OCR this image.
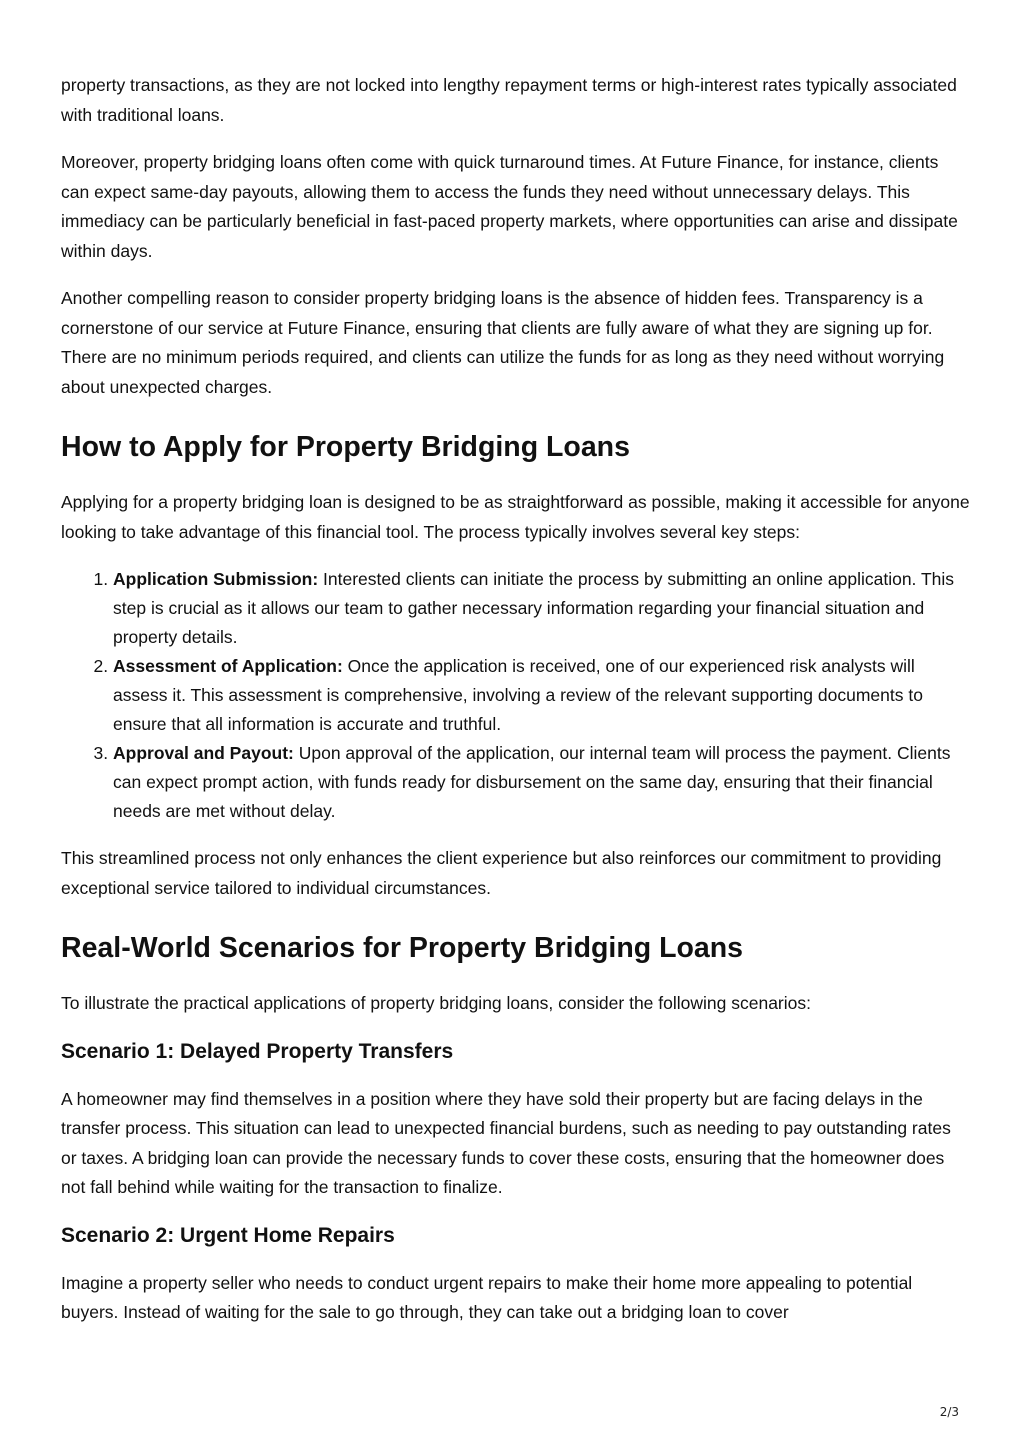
property transactions, as they are not locked into lengthy repayment terms or high-interest rates typically associated with traditional loans.

Moreover, property bridging loans often come with quick turnaround times. At Future Finance, for instance, clients can expect same-day payouts, allowing them to access the funds they need without unnecessary delays. This immediacy can be particularly beneficial in fast-paced property markets, where opportunities can arise and dissipate within days.

Another compelling reason to consider property bridging loans is the absence of hidden fees. Transparency is a cornerstone of our service at Future Finance, ensuring that clients are fully aware of what they are signing up for. There are no minimum periods required, and clients can utilize the funds for as long as they need without worrying about unexpected charges.

How to Apply for Property Bridging Loans

Applying for a property bridging loan is designed to be as straightforward as possible, making it accessible for anyone looking to take advantage of this financial tool. The process typically involves several key steps:

1. Application Submission: Interested clients can initiate the process by submitting an online application. This step is crucial as it allows our team to gather necessary information regarding your financial situation and property details.
2. Assessment of Application: Once the application is received, one of our experienced risk analysts will assess it. This assessment is comprehensive, involving a review of the relevant supporting documents to ensure that all information is accurate and truthful.
3. Approval and Payout: Upon approval of the application, our internal team will process the payment. Clients can expect prompt action, with funds ready for disbursement on the same day, ensuring that their financial needs are met without delay.

This streamlined process not only enhances the client experience but also reinforces our commitment to providing exceptional service tailored to individual circumstances.

Real-World Scenarios for Property Bridging Loans

To illustrate the practical applications of property bridging loans, consider the following scenarios:

Scenario 1: Delayed Property Transfers

A homeowner may find themselves in a position where they have sold their property but are facing delays in the transfer process. This situation can lead to unexpected financial burdens, such as needing to pay outstanding rates or taxes. A bridging loan can provide the necessary funds to cover these costs, ensuring that the homeowner does not fall behind while waiting for the transaction to finalize.

Scenario 2: Urgent Home Repairs

Imagine a property seller who needs to conduct urgent repairs to make their home more appealing to potential buyers. Instead of waiting for the sale to go through, they can take out a bridging loan to cover

2/3
